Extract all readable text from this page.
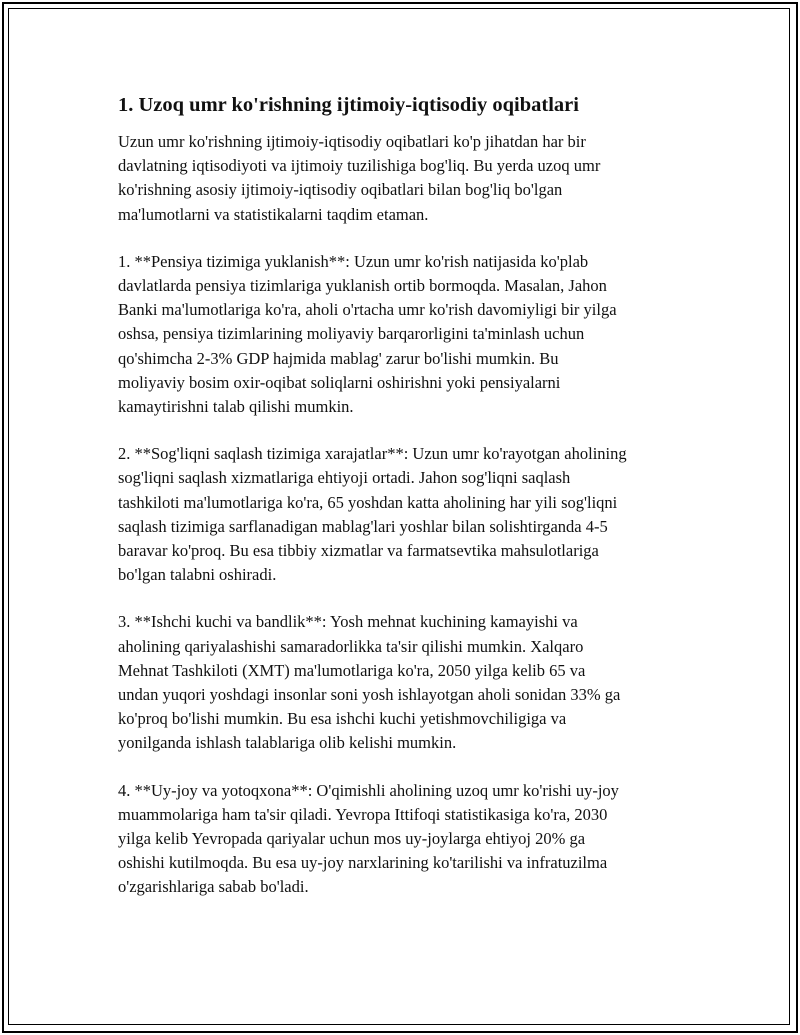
1. Uzoq umr ko'rishning ijtimoiy-iqtisodiy oqibatlari
Uzun umr ko'rishning ijtimoiy-iqtisodiy oqibatlari ko'p jihatdan har bir
davlatning iqtisodiyoti va ijtimoiy tuzilishiga bog'liq. Bu yerda uzoq umr
ko'rishning asosiy ijtimoiy-iqtisodiy oqibatlari bilan bog'liq bo'lgan
ma'lumotlarni va statistikalarni taqdim etaman.
1. **Pensiya tizimiga yuklanish**: Uzun umr ko'rish natijasida ko'plab
davlatlarda pensiya tizimlariga yuklanish ortib bormoqda. Masalan, Jahon
Banki ma'lumotlariga ko'ra, aholi o'rtacha umr ko'rish davomiyligi bir yilga
oshsa, pensiya tizimlarining moliyaviy barqarorligini ta'minlash uchun
qo'shimcha 2-3% GDP hajmida mablag' zarur bo'lishi mumkin. Bu
moliyaviy bosim oxir-oqibat soliqlarni oshirishni yoki pensiyalarni
kamaytirishni talab qilishi mumkin.
2. **Sog'liqni saqlash tizimiga xarajatlar**: Uzun umr ko'rayotgan aholining
sog'liqni saqlash xizmatlariga ehtiyoji ortadi. Jahon sog'liqni saqlash
tashkiloti ma'lumotlariga ko'ra, 65 yoshdan katta aholining har yili sog'liqni
saqlash tizimiga sarflanadigan mablag'lari yoshlar bilan solishtirganda 4-5
baravar ko'proq. Bu esa tibbiy xizmatlar va farmatsevtika mahsulotlariga
bo'lgan talabni oshiradi.
3. **Ishchi kuchi va bandlik**: Yosh mehnat kuchining kamayishi va
aholining qariyalashishi samaradorlikka ta'sir qilishi mumkin. Xalqaro
Mehnat Tashkiloti (XMT) ma'lumotlariga ko'ra, 2050 yilga kelib 65 va
undan yuqori yoshdagi insonlar soni yosh ishlayotgan aholi sonidan 33% ga
ko'proq bo'lishi mumkin. Bu esa ishchi kuchi yetishmovchiligiga va
yonilganda ishlash talablariga olib kelishi mumkin.
4. **Uy-joy va yotoqxona**: O'qimishli aholining uzoq umr ko'rishi uy-joy
muammolariga ham ta'sir qiladi. Yevropa Ittifoqi statistikasiga ko'ra, 2030
yilga kelib Yevropada qariyalar uchun mos uy-joylarga ehtiyoj 20% ga
oshishi kutilmoqda. Bu esa uy-joy narxlarining ko'tarilishi va infratuzilma
o'zgarishlariga sabab bo'ladi.
